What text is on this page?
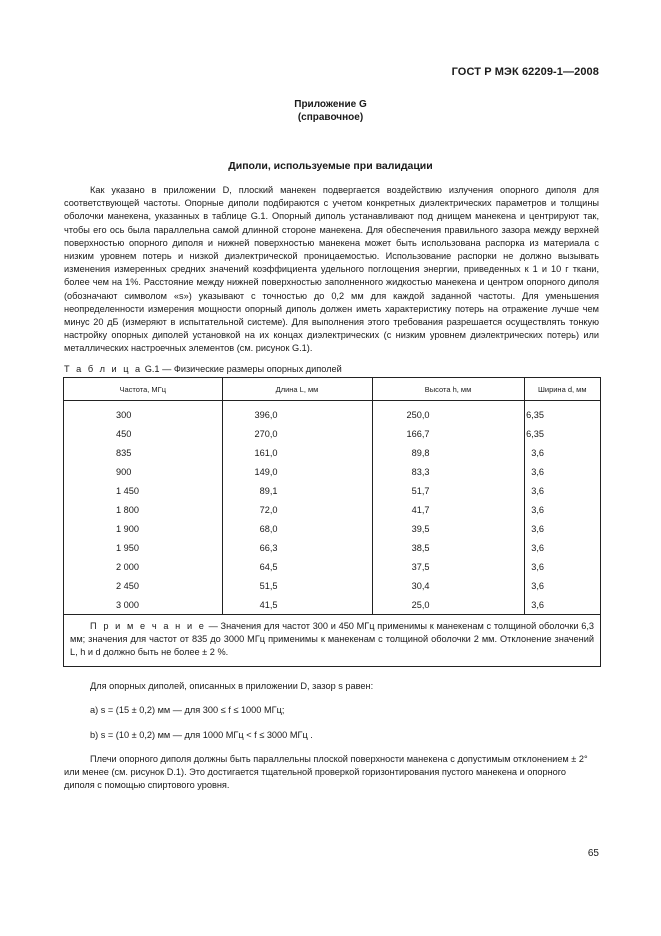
ГОСТ Р МЭК 62209-1—2008
Приложение G
(справочное)
Диполи, используемые при валидации

Как указано в приложении D, плоский манекен подвергается воздействию излучения опорного диполя для соответствующей частоты. Опорные диполи подбираются с учетом конкретных диэлектрических параметров и толщины оболочки манекена, указанных в таблице G.1. Опорный диполь устанавливают под днищем манекена и центрируют так, чтобы его ось была параллельна самой длинной стороне манекена. Для обеспечения правильного зазора между верхней поверхностью опорного диполя и нижней поверхностью манекена может быть использована распорка из материала с низким уровнем потерь и низкой диэлектрической проницаемостью. Использование распорки не должно вызывать изменения измеренных средних значений коэффициента удельного поглощения энергии, приведенных к 1 и 10 г ткани, более чем на 1%. Расстояние между нижней поверхностью заполненного жидкостью манекена и центром опорного диполя (обозначают символом «s») указывают с точностью до 0,2 мм для каждой заданной частоты. Для уменьшения неопределенности измерения мощности опорный диполь должен иметь характеристику потерь на отражение лучше чем минус 20 дБ (измеряют в испытательной системе). Для выполнения этого требования разрешается осуществлять тонкую настройку опорных диполей установкой на их концах диэлектрических (с низким уровнем диэлектрических потерь) или металлических настроечных элементов (см. рисунок G.1).

Т а б л и ц а G.1 — Физические размеры опорных диполей
Частота, МГц	Длина L, мм	Высота h, мм	Ширина d, мм
300	396,0	250,0	6,35
450	270,0	166,7	6,35
835	161,0	89,8	3,6
900	149,0	83,3	3,6
1 450	89,1	51,7	3,6
1 800	72,0	41,7	3,6
1 900	68,0	39,5	3,6
1 950	66,3	38,5	3,6
2 000	64,5	37,5	3,6
2 450	51,5	30,4	3,6
3 000	41,5	25,0	3,6
П р и м е ч а н и е — Значения для частот 300 и 450 МГц применимы к манекенам с толщиной оболочки 6,3 мм; значения для частот от 835 до 3000 МГц применимы к манекенам с толщиной оболочки 2 мм. Отклонение значений L, h и d должно быть не более ± 2 %.

Для опорных диполей, описанных в приложении D, зазор s равен:

а) s = (15 ± 0,2) мм — для 300 ≤ f ≤ 1000 МГц;
b) s = (10 ± 0,2) мм — для 1000 МГц < f ≤ 3000 МГц .

Плечи опорного диполя должны быть параллельны плоской поверхности манекена с допустимым отклонением ± 2° или менее (см. рисунок D.1). Это достигается тщательной проверкой горизонтирования пустого манекена и опорного диполя с помощью спиртового уровня.

65
